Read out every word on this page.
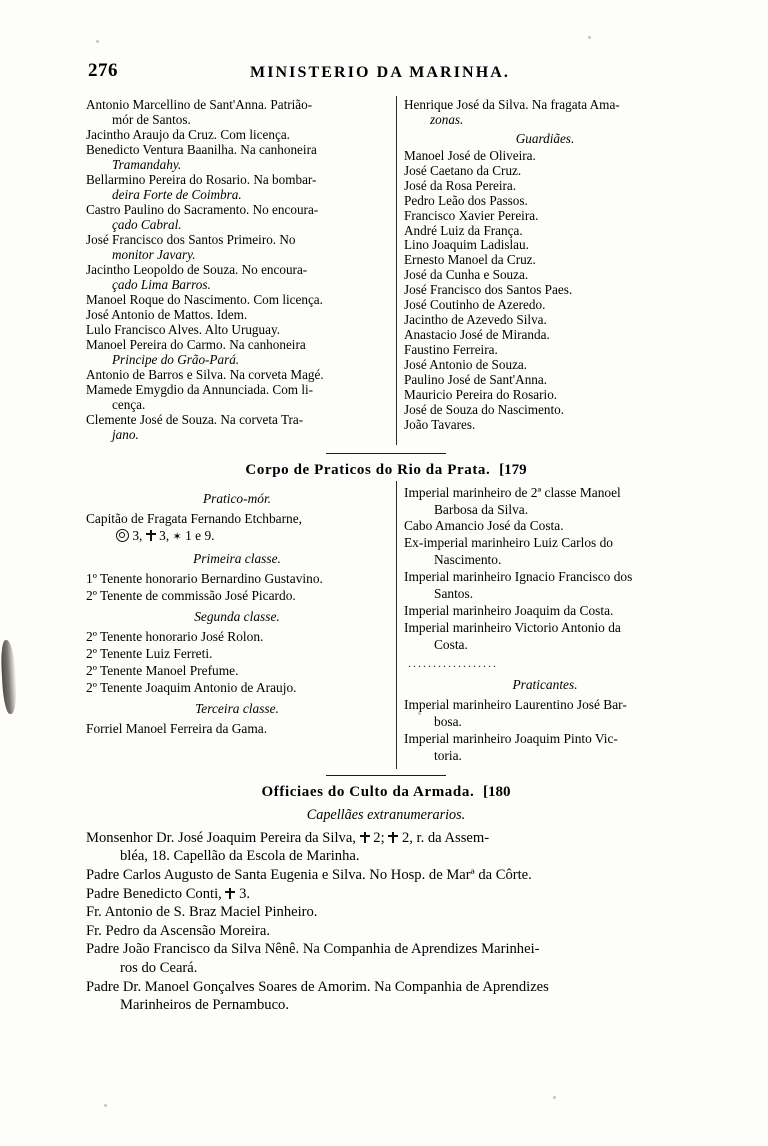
276	MINISTERIO DA MARINHA.
Antonio Marcellino de Sant'Anna. Patrião-
mór de Santos.
Jacintho Araujo da Cruz. Com licença.
Benedicto Ventura Baanilha. Na canhoneira
Tramandahy.
Bellarmino Pereira do Rosario. Na bombar-
deira Forte de Coimbra.
Castro Paulino do Sacramento. No encoura-
çado Cabral.
José Francisco dos Santos Primeiro. No
monitor Javary.
Jacintho Leopoldo de Souza. No encoura-
çado Lima Barros.
Manoel Roque do Nascimento. Com licença.
José Antonio de Mattos. Idem.
Lulo Francisco Alves. Alto Uruguay.
Manoel Pereira do Carmo. Na canhoneira
Principe do Grão-Pará.
Antonio de Barros e Silva. Na corveta Magé.
Mamede Emygdio da Annunciada. Com li-
cença.
Clemente José de Souza. Na corveta Tra-
jano.
Henrique José da Silva. Na fragata Ama-
zonas.
Guardiães.
Manoel José de Oliveira.
José Caetano da Cruz.
José da Rosa Pereira.
Pedro Leão dos Passos.
Francisco Xavier Pereira.
André Luiz da França.
Lino Joaquim Ladislau.
Ernesto Manoel da Cruz.
José da Cunha e Souza.
José Francisco dos Santos Paes.
José Coutinho de Azeredo.
Jacintho de Azevedo Silva.
Anastacio José de Miranda.
Faustino Ferreira.
José Antonio de Souza.
Paulino José de Sant'Anna.
Mauricio Pereira do Rosario.
José de Souza do Nascimento.
João Tavares.
Corpo de Praticos do Rio da Prata. [179
Pratico-mór.
Capitão de Fragata Fernando Etchbarne,
3, 3, ✶ 1 e 9.
Primeira classe.
1º Tenente honorario Bernardino Gustavino.
2º Tenente de commissão José Picardo.
Segunda classe.
2º Tenente honorario José Rolon.
2º Tenente Luiz Ferreti.
2º Tenente Manoel Prefume.
2º Tenente Joaquim Antonio de Araujo.
Terceira classe.
Forriel Manoel Ferreira da Gama.
Imperial marinheiro de 2ª classe Manoel
Barbosa da Silva.
Cabo Amancio José da Costa.
Ex-imperial marinheiro Luiz Carlos do
Nascimento.
Imperial marinheiro Ignacio Francisco dos
Santos.
Imperial marinheiro Joaquim da Costa.
Imperial marinheiro Victorio Antonio da
Costa.
..................
Praticantes.
Imperial marinheiro Laurentino José Bar-
bosa.
Imperial marinheiro Joaquim Pinto Vic-
toria.
Officiaes do Culto da Armada. [180
Capellães extranumerarios.
Monsenhor Dr. José Joaquim Pereira da Silva, 2; 2, r. da Assem-
bléa, 18. Capellão da Escola de Marinha.
Padre Carlos Augusto de Santa Eugenia e Silva. No Hosp. de Marª da Côrte.
Padre Benedicto Conti, 3.
Fr. Antonio de S. Braz Maciel Pinheiro.
Fr. Pedro da Ascensão Moreira.
Padre João Francisco da Silva Nênê. Na Companhia de Aprendizes Marinhei-
ros do Ceará.
Padre Dr. Manoel Gonçalves Soares de Amorim. Na Companhia de Aprendizes
Marinheiros de Pernambuco.
